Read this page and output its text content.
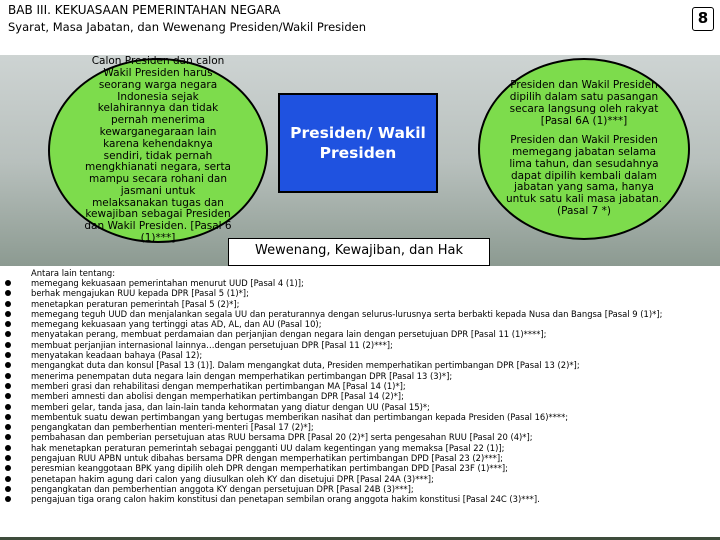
BAB III. KEKUASAAN PEMERINTAHAN NEGARA
Syarat, Masa Jabatan, dan Wewenang Presiden/Wakil Presiden	8
Calon Presiden dan calon Wakil Presiden harus seorang warga negara Indonesia sejak kelahirannya dan tidak pernah menerima kewarganegaraan lain karena kehendaknya sendiri, tidak pernah mengkhianati negara, serta mampu secara rohani dan jasmani untuk melaksanakan tugas dan kewajiban sebagai Presiden dan Wakil Presiden. [Pasal 6 (1)***]
Presiden/ Wakil Presiden

Presiden dan Wakil Presiden dipilih dalam satu pasangan secara langsung oleh rakyat [Pasal 6A (1)***]

Presiden dan Wakil Presiden memegang jabatan selama lima tahun, dan sesudahnya dapat dipilih kembali dalam jabatan yang sama, hanya untuk satu kali masa jabatan. (Pasal 7 *)

Wewenang, Kewajiban, dan Hak
Antara lain tentang:
memegang kekuasaan pemerintahan menurut UUD [Pasal 4 (1)];
berhak mengajukan RUU kepada DPR [Pasal 5 (1)*];
menetapkan peraturan pemerintah [Pasal 5 (2)*];
memegang teguh UUD dan menjalankan segala UU dan peraturannya dengan selurus-lurusnya serta berbakti kepada Nusa dan Bangsa [Pasal 9 (1)*];
memegang kekuasaan yang tertinggi atas AD, AL, dan AU (Pasal 10);
menyatakan perang, membuat perdamaian dan perjanjian dengan negara lain dengan persetujuan DPR [Pasal 11 (1)****];
membuat perjanjian internasional lainnya…dengan persetujuan DPR [Pasal 11 (2)***];
menyatakan keadaan bahaya (Pasal 12);
mengangkat duta dan konsul [Pasal 13 (1)]. Dalam mengangkat duta, Presiden memperhatikan pertimbangan DPR [Pasal 13 (2)*];
menerima penempatan duta negara lain dengan memperhatikan pertimbangan DPR [Pasal 13 (3)*];
memberi grasi dan rehabilitasi dengan memperhatikan pertimbangan MA [Pasal 14 (1)*];
memberi amnesti dan abolisi dengan memperhatikan pertimbangan DPR [Pasal 14 (2)*];
memberi gelar, tanda jasa, dan lain-lain tanda kehormatan yang diatur dengan UU (Pasal 15)*;
membentuk suatu dewan pertimbangan yang bertugas memberikan nasihat dan pertimbangan kepada Presiden (Pasal 16)****;
pengangkatan dan pemberhentian menteri-menteri [Pasal 17 (2)*];
pembahasan dan pemberian persetujuan atas RUU bersama DPR [Pasal 20 (2)*] serta pengesahan RUU [Pasal 20 (4)*];
hak menetapkan peraturan pemerintah sebagai pengganti UU dalam kegentingan yang memaksa [Pasal 22 (1)];
pengajuan RUU APBN untuk dibahas bersama DPR dengan memperhatikan pertimbangan DPD [Pasal 23 (2)***];
peresmian keanggotaan BPK yang dipilih oleh DPR dengan memperhatikan pertimbangan DPD [Pasal 23F (1)***];
penetapan hakim agung dari calon yang diusulkan oleh KY dan disetujui DPR [Pasal 24A (3)***];
pengangkatan dan pemberhentian anggota KY dengan persetujuan DPR [Pasal 24B (3)***];
pengajuan tiga orang calon hakim konstitusi dan penetapan sembilan orang anggota hakim konstitusi [Pasal 24C (3)***].
